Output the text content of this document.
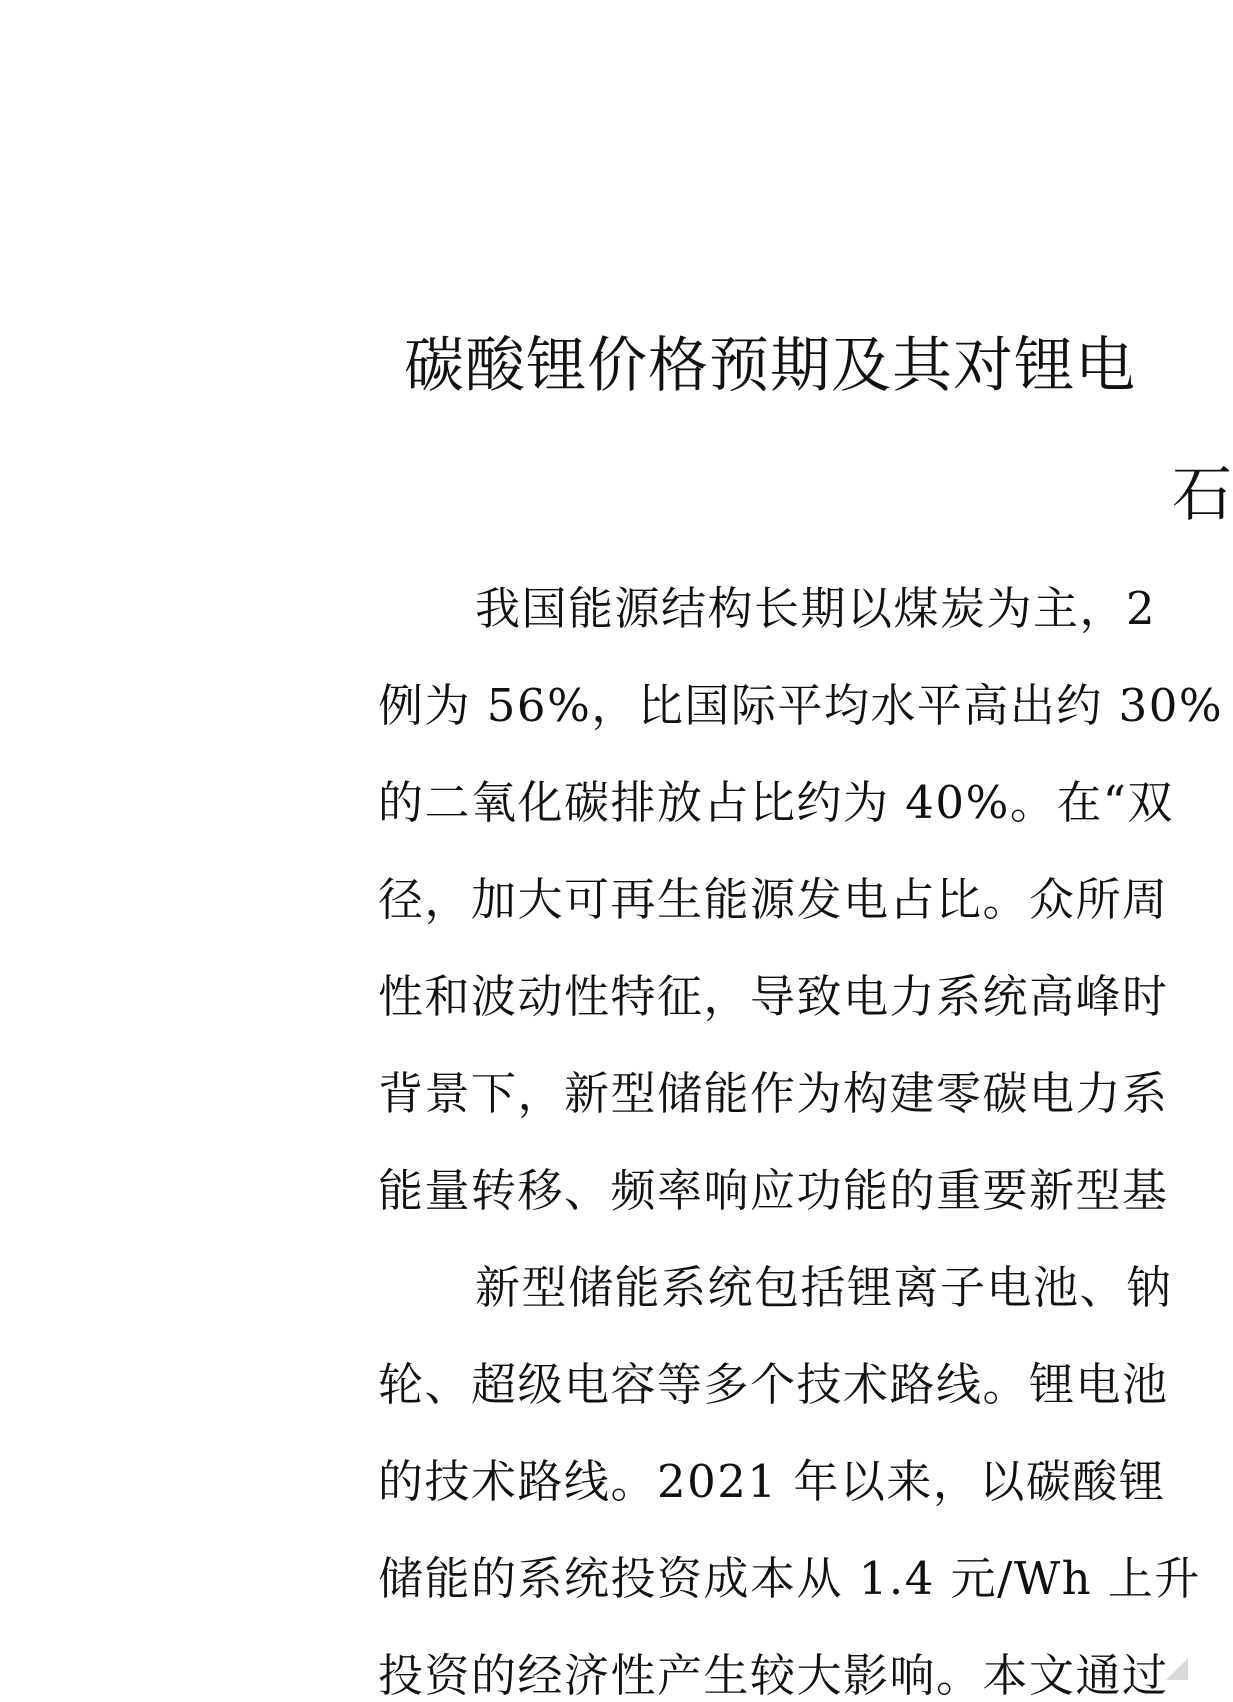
碳酸锂价格预期及其对锂电
石
我国能源结构长期以煤炭为主，2
例为 56%，比国际平均水平高出约 30%
的二氧化碳排放占比约为 40%。在“双
径，加大可再生能源发电占比。众所周
性和波动性特征，导致电力系统高峰时
背景下，新型储能作为构建零碳电力系
能量转移、频率响应功能的重要新型基
新型储能系统包括锂离子电池、钠
轮、超级电容等多个技术路线。锂电池
的技术路线。2021 年以来，以碳酸锂
储能的系统投资成本从 1.4 元/Wh 上升
投资的经济性产生较大影响。本文通过
